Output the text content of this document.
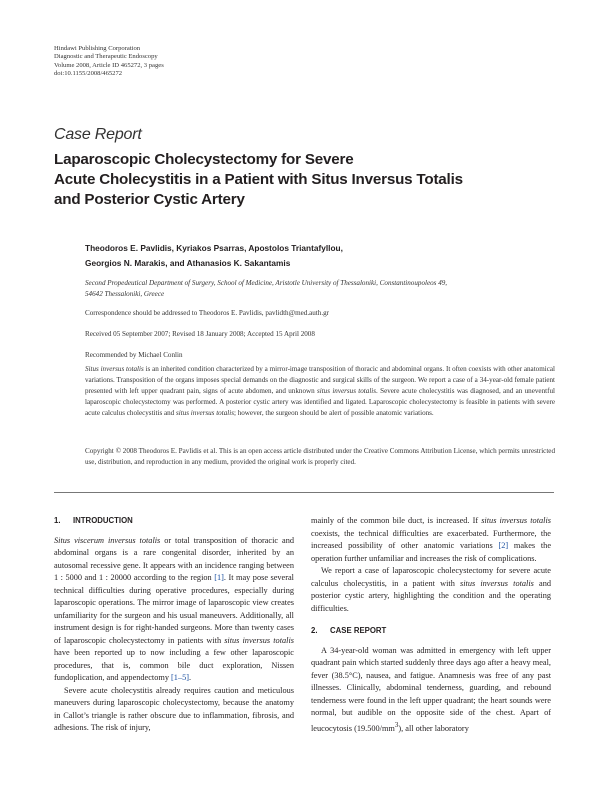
Hindawi Publishing Corporation
Diagnostic and Therapeutic Endoscopy
Volume 2008, Article ID 465272, 3 pages
doi:10.1155/2008/465272
Case Report
Laparoscopic Cholecystectomy for Severe
Acute Cholecystitis in a Patient with Situs Inversus Totalis
and Posterior Cystic Artery
Theodoros E. Pavlidis, Kyriakos Psarras, Apostolos Triantafyllou,
Georgios N. Marakis, and Athanasios K. Sakantamis
Second Propedeutical Department of Surgery, School of Medicine, Aristotle University of Thessaloniki, Constantinoupoleos 49,
54642 Thessaloniki, Greece
Correspondence should be addressed to Theodoros E. Pavlidis, pavlidth@med.auth.gr
Received 05 September 2007; Revised 18 January 2008; Accepted 15 April 2008
Recommended by Michael Conlin
Situs inversus totalis is an inherited condition characterized by a mirror-image transposition of thoracic and abdominal organs. It often coexists with other anatomical variations. Transposition of the organs imposes special demands on the diagnostic and surgical skills of the surgeon. We report a case of a 34-year-old female patient presented with left upper quadrant pain, signs of acute abdomen, and unknown situs inversus totalis. Severe acute cholecystitis was diagnosed, and an uneventful laparoscopic cholecystectomy was performed. A posterior cystic artery was identified and ligated. Laparoscopic cholecystectomy is feasible in patients with severe acute calculus cholecystitis and situs inversus totalis; however, the surgeon should be alert of possible anatomic variations.
Copyright © 2008 Theodoros E. Pavlidis et al. This is an open access article distributed under the Creative Commons Attribution License, which permits unrestricted use, distribution, and reproduction in any medium, provided the original work is properly cited.
1. INTRODUCTION

Situs viscerum inversus totalis or total transposition of thoracic and abdominal organs is a rare congenital disorder, inherited by an autosomal recessive gene. It appears with an incidence ranging between 1 : 5000 and 1 : 20000 according to the region [1]. It may pose several technical difficulties during operative procedures, especially during laparoscopic operations. The mirror image of laparoscopic view creates unfamiliarity for the surgeon and his usual maneuvers. Additionally, all instrument design is for right-handed surgeons. More than twenty cases of laparoscopic cholecystectomy in patients with situs inversus totalis have been reported up to now including a few other laparoscopic procedures, that is, common bile duct exploration, Nissen fundoplication, and appendectomy [1–5].

Severe acute cholecystitis already requires caution and meticulous maneuvers during laparoscopic cholecystectomy, because the anatomy in Callot’s triangle is rather obscure due to inflammation, fibrosis, and adhesions. The risk of injury,

mainly of the common bile duct, is increased. If situs inversus totalis coexists, the technical difficulties are exacerbated. Furthermore, the increased possibility of other anatomic variations [2] makes the operation further unfamiliar and increases the risk of complications.

We report a case of laparoscopic cholecystectomy for severe acute calculus cholecystitis, in a patient with situs inversus totalis and posterior cystic artery, highlighting the condition and the operating difficulties.

2. CASE REPORT

A 34-year-old woman was admitted in emergency with left upper quadrant pain which started suddenly three days ago after a heavy meal, fever (38.5°C), nausea, and fatigue. Anamnesis was free of any past illnesses. Clinically, abdominal tenderness, guarding, and rebound tenderness were found in the left upper quadrant; the heart sounds were normal, but audible on the opposite side of the chest. Apart of leucocytosis $(19.500/mm^3)$, all other laboratory
